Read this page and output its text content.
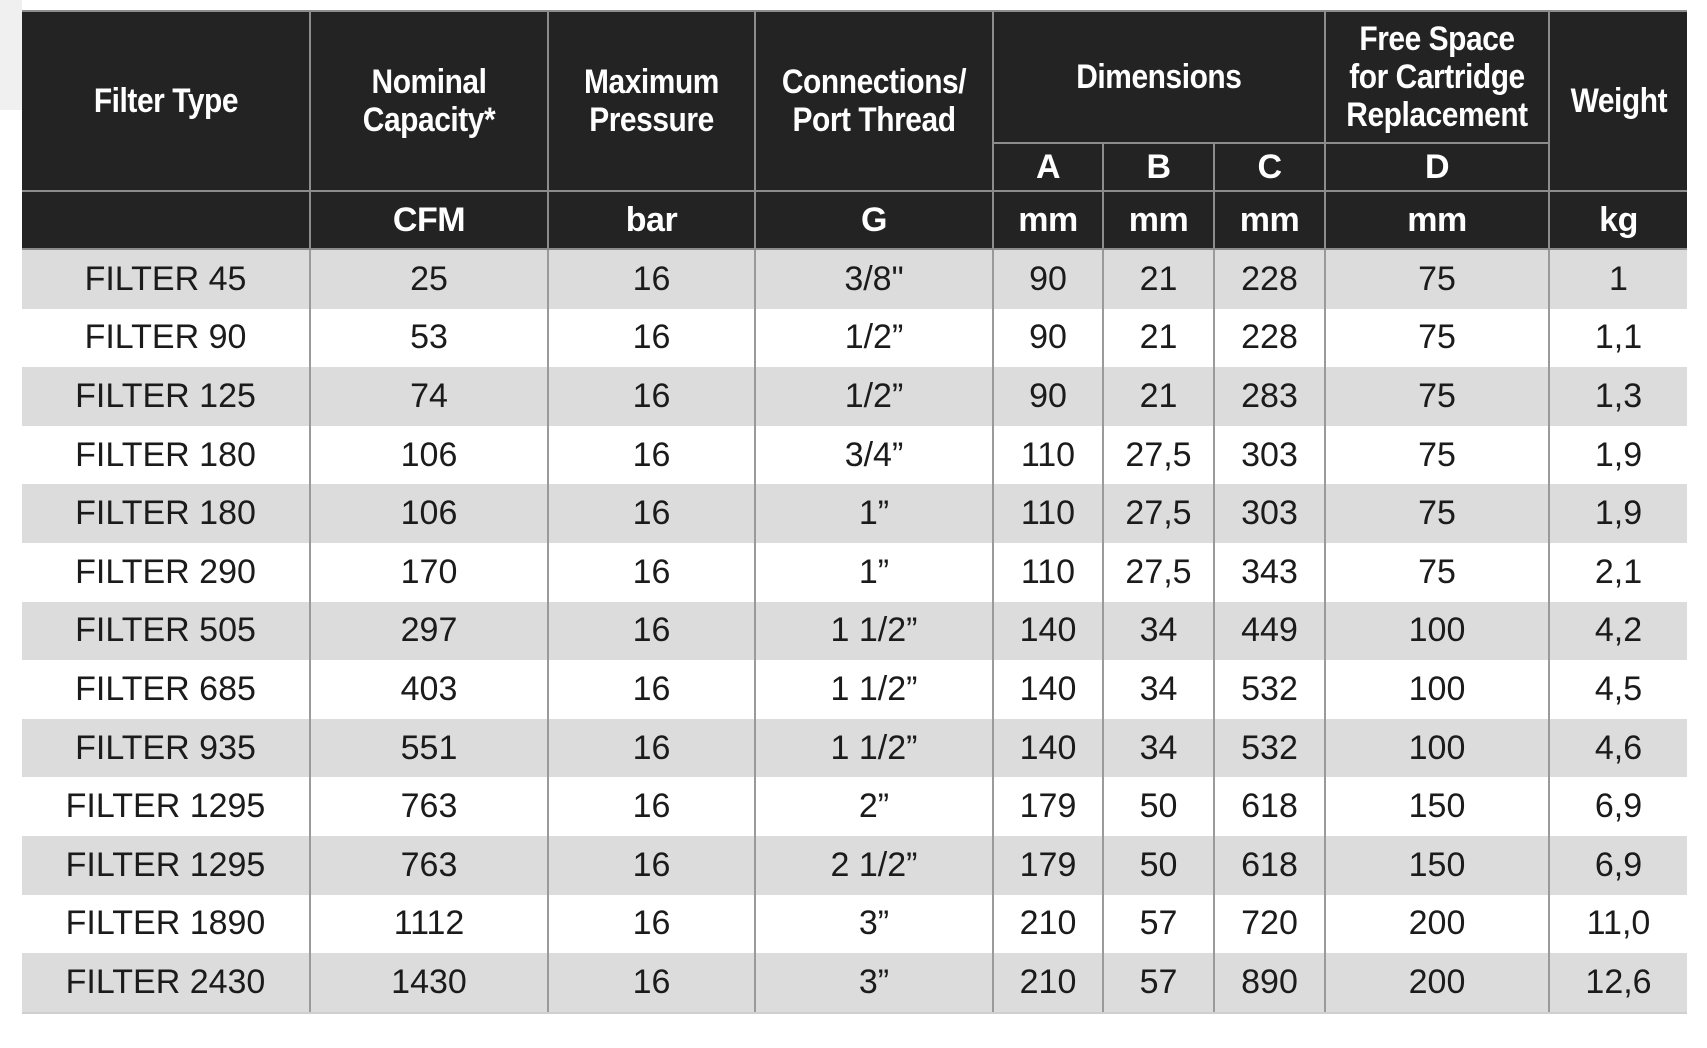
Filter Type	Nominal Capacity*	Maximum Pressure	Connections/ Port Thread	Dimensions			Free Space for Cartridge Replacement	Weight
				A	B	C	D	
	CFM	bar	G	mm	mm	mm	mm	kg
FILTER 45	25	16	3/8"	90	21	228	75	1
FILTER 90	53	16	1/2”	90	21	228	75	1,1
FILTER 125	74	16	1/2”	90	21	283	75	1,3
FILTER 180	106	16	3/4”	110	27,5	303	75	1,9
FILTER 180	106	16	1”	110	27,5	303	75	1,9
FILTER 290	170	16	1”	110	27,5	343	75	2,1
FILTER 505	297	16	1 1/2”	140	34	449	100	4,2
FILTER 685	403	16	1 1/2”	140	34	532	100	4,5
FILTER 935	551	16	1 1/2”	140	34	532	100	4,6
FILTER 1295	763	16	2”	179	50	618	150	6,9
FILTER 1295	763	16	2 1/2”	179	50	618	150	6,9
FILTER 1890	1112	16	3”	210	57	720	200	11,0
FILTER 2430	1430	16	3”	210	57	890	200	12,6
